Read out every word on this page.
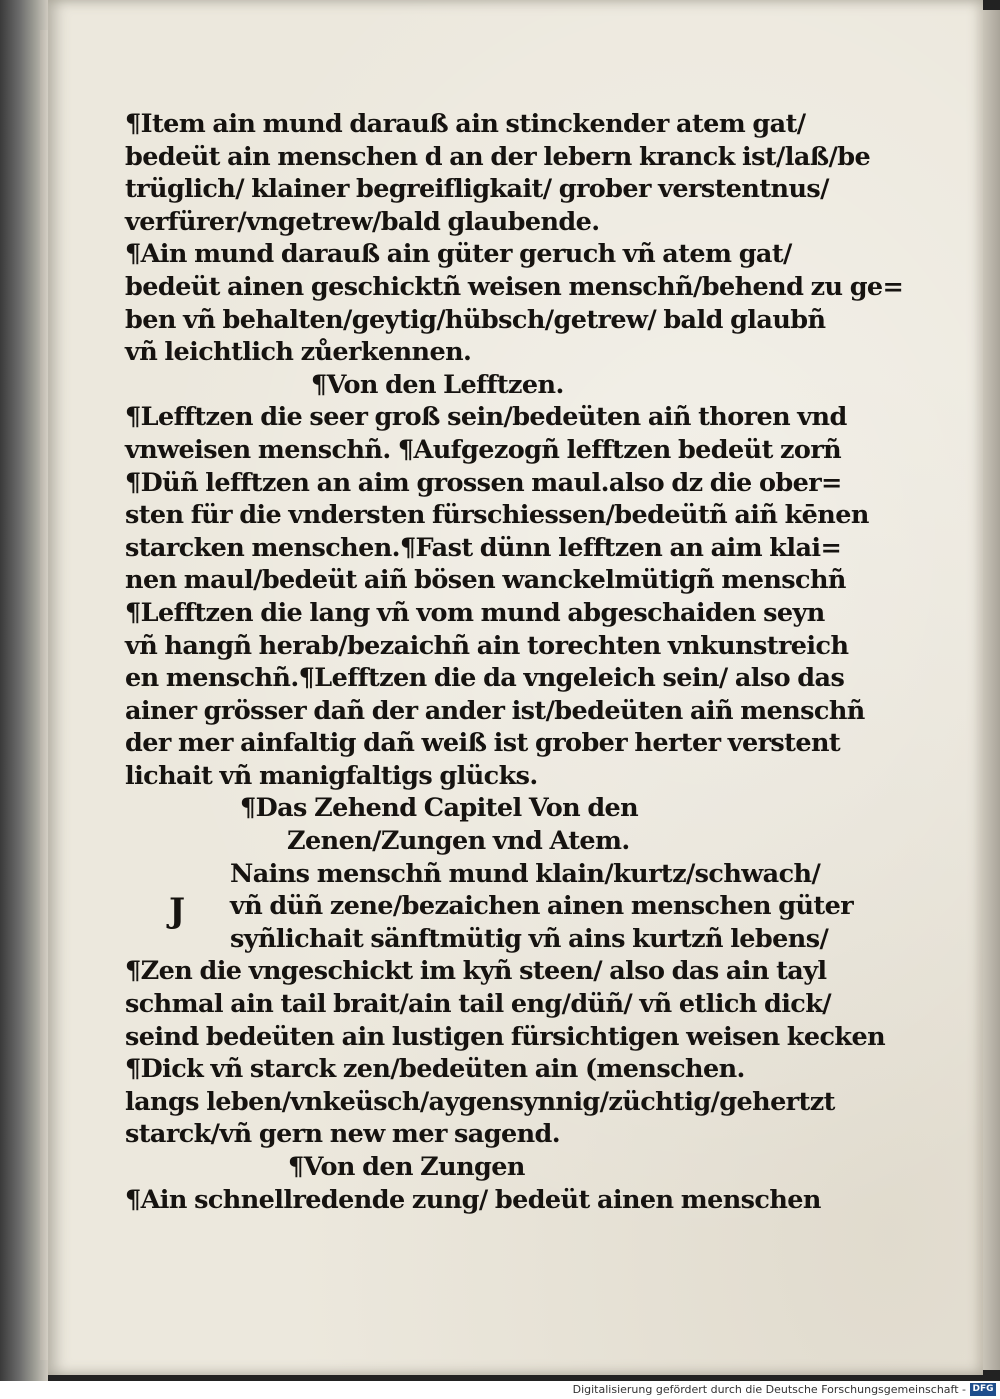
¶Item ain mund darauß ain stinckender atem gat/
bedeüt ain menschen d an der lebern kranck ist/laß/be
trüglich/ klainer begreifligkait/ grober verstentnus/
verfürer/vngetrew/bald glaubende.
¶Ain mund darauß ain güter geruch vñ atem gat/
bedeüt ainen geschicktñ weisen menschñ/behend zu ge=
ben vñ behalten/geytig/hübsch/getrew/ bald glaubñ
vñ leichtlich zůerkennen.
¶Von den Lefftzen.
¶Lefftzen die seer groß sein/bedeüten aiñ thoren vnd
vnweisen menschñ. ¶Aufgezogñ lefftzen bedeüt zorñ
¶Düñ lefftzen an aim grossen maul.also dz die ober=
sten für die vndersten fürschiessen/bedeütñ aiñ kēnen
starcken menschen.¶Fast dünn lefftzen an aim klai=
nen maul/bedeüt aiñ bösen wanckelmütigñ menschñ
¶Lefftzen die lang vñ vom mund abgeschaiden seyn
vñ hangñ herab/bezaichñ ain torechten vnkunstreich
en menschñ.¶Lefftzen die da vngeleich sein/ also das
ainer grösser dañ der ander ist/bedeüten aiñ menschñ
der mer ainfaltig dañ weiß ist grober herter verstent
lichait vñ manigfaltigs glücks.
¶Das Zehend Capitel Von den
Zenen/Zungen vnd Atem.
J
Nains menschñ mund klain/kurtz/schwach/
vñ düñ zene/bezaichen ainen menschen güter
syñlichait sänftmütig vñ ains kurtzñ lebens/
¶Zen die vngeschickt im kyñ steen/ also das ain tayl
schmal ain tail brait/ain tail eng/düñ/ vñ etlich dick/
seind bedeüten ain lustigen fürsichtigen weisen kecken
¶Dick vñ starck zen/bedeüten ain (menschen.
langs leben/vnkeüsch/aygensynnig/züchtig/gehertzt
starck/vñ gern new mer sagend.
¶Von den Zungen
¶Ain schnellredende zung/ bedeüt ainen menschen
Digitalisierung gefördert durch die Deutsche Forschungsgemeinschaft - DFG
